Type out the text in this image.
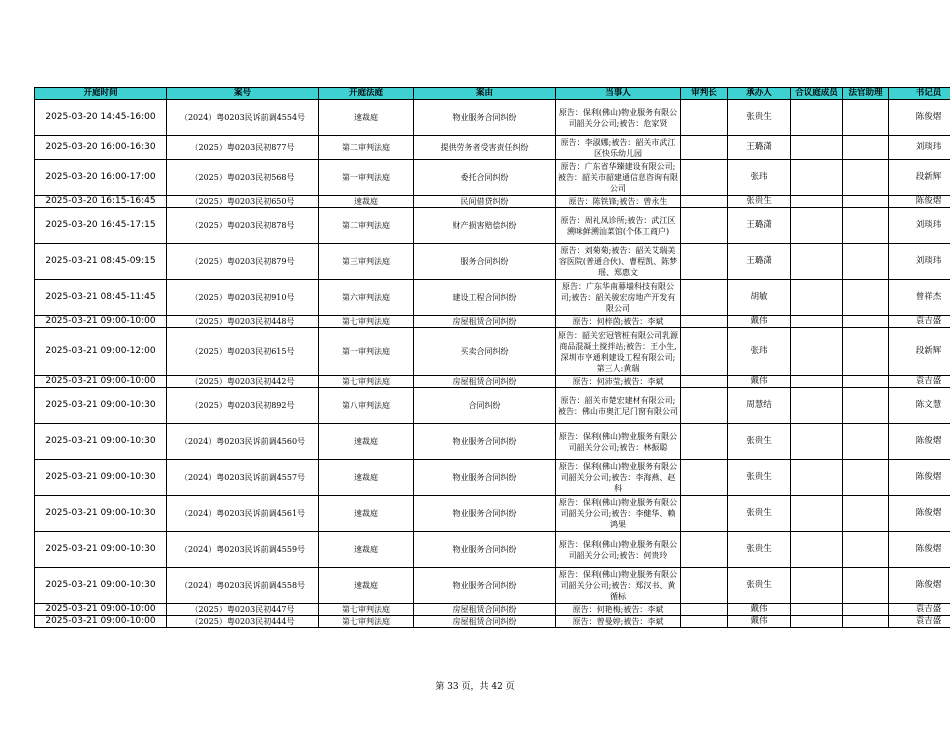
开庭时间	案号	开庭法庭	案由	当事人	审判长	承办人	合议庭成员	法官助理	书记员
2025-03-20 14:45-16:00	（2024）粤0203民诉前调4554号	速裁庭	物业服务合同纠纷	原告：保利(佛山)物业服务有限公司韶关分公司;被告：危家贤		张贵生			陈俊熠
2025-03-20 16:00-16:30	（2025）粤0203民初877号	第二审判法庭	提供劳务者受害责任纠纷	原告：李淑娜;被告：韶关市武江区快乐幼儿园		王璐潇			刘琰玮
2025-03-20 16:00-17:00	（2025）粤0203民初568号	第一审判法庭	委托合同纠纷	原告：广东省华臻建设有限公司;被告：韶关市韶建通信息咨询有限公司		张玮			段新辉
2025-03-20 16:15-16:45	（2025）粤0203民初650号	速裁庭	民间借贷纠纷	原告：陈铁锋;被告：曾永生		张贵生			陈俊熠
2025-03-20 16:45-17:15	（2025）粤0203民初878号	第二审判法庭	财产损害赔偿纠纷	原告：周礼凤诊所;被告：武江区溯味鲜溯汕菜馆(个体工商户)		王璐潇			刘琰玮
2025-03-21 08:45-09:15	（2025）粤0203民初879号	第三审判法庭	服务合同纠纷	原告：刘菊菊;被告：韶关艾瑞美容医院(普通合伙)、曹程凯、陈梦瑶、郑惠文		王璐潇			刘琰玮
2025-03-21 08:45-11:45	（2025）粤0203民初910号	第六审判法庭	建设工程合同纠纷	原告：广东华南幕墙科技有限公司;被告：韶关骏宏房地产开发有限公司		胡敏			曾祥杰
2025-03-21 09:00-10:00	（2025）粤0203民初448号	第七审判法庭	房屋租赁合同纠纷	原告：何梓茵;被告：李斌		戴伟			袁吉盛
2025-03-21 09:00-12:00	（2025）粤0203民初615号	第一审判法庭	买卖合同纠纷	原告：韶关宏冠管桩有限公司乳源商品混凝土搅拌站;被告：王小生,深圳市亨通利建设工程有限公司;第三人:黄瑞		张玮			段新辉
2025-03-21 09:00-10:00	（2025）粤0203民初442号	第七审判法庭	房屋租赁合同纠纷	原告：何沛莹;被告：李斌		戴伟			袁吉盛
2025-03-21 09:00-10:30	（2025）粤0203民初892号	第八审判法庭	合同纠纷	原告：韶关市楚宏建材有限公司;被告：佛山市奥汇尼门窗有限公司		周慧结			陈文慧
2025-03-21 09:00-10:30	（2024）粤0203民诉前调4560号	速裁庭	物业服务合同纠纷	原告：保利(佛山)物业服务有限公司韶关分公司;被告：林振聪		张贵生			陈俊熠
2025-03-21 09:00-10:30	（2024）粤0203民诉前调4557号	速裁庭	物业服务合同纠纷	原告：保利(佛山)物业服务有限公司韶关分公司;被告：李海燕、赵科		张贵生			陈俊熠
2025-03-21 09:00-10:30	（2024）粤0203民诉前调4561号	速裁庭	物业服务合同纠纷	原告：保利(佛山)物业服务有限公司韶关分公司;被告：李健华、赖鸿果		张贵生			陈俊熠
2025-03-21 09:00-10:30	（2024）粤0203民诉前调4559号	速裁庭	物业服务合同纠纷	原告：保利(佛山)物业服务有限公司韶关分公司;被告：何贵玲		张贵生			陈俊熠
2025-03-21 09:00-10:30	（2024）粤0203民诉前调4558号	速裁庭	物业服务合同纠纷	原告：保利(佛山)物业服务有限公司韶关分公司;被告：郑汉书、黄循标		张贵生			陈俊熠
2025-03-21 09:00-10:00	（2025）粤0203民初447号	第七审判法庭	房屋租赁合同纠纷	原告：何艳梅;被告：李斌		戴伟			袁吉盛
2025-03-21 09:00-10:00	（2025）粤0203民初444号	第七审判法庭	房屋租赁合同纠纷	原告：曾曼婷;被告：李斌		戴伟			袁吉盛
第 33 页，共 42 页
